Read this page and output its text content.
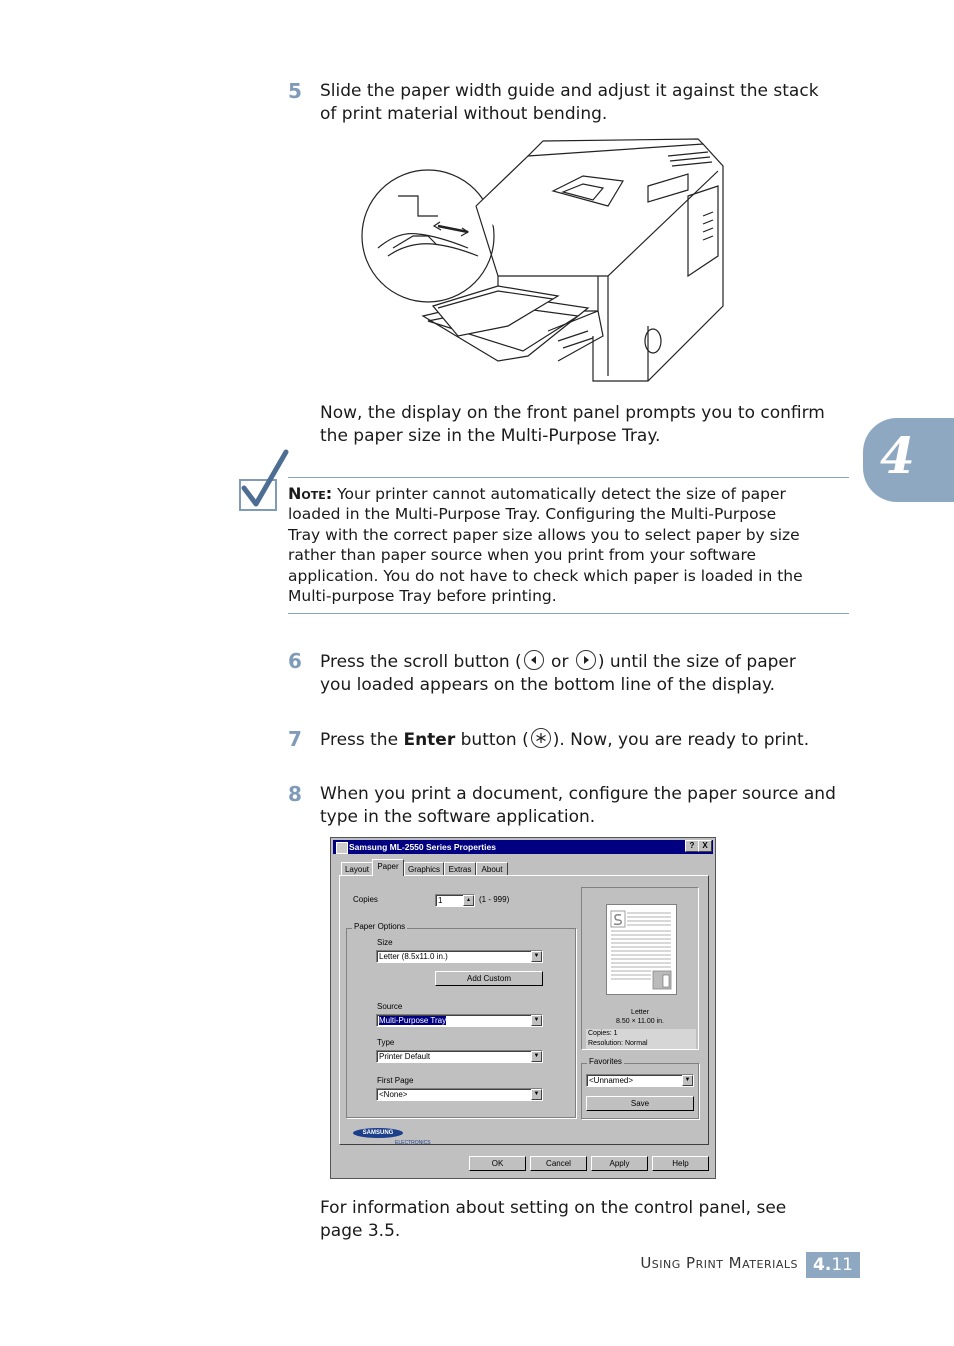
5 Slide the paper width guide and adjust it against the stack
of print material without bending.
Now, the display on the front panel prompts you to confirm
the paper size in the Multi-Purpose Tray.
Note: Your printer cannot automatically detect the size of paper
loaded in the Multi-Purpose Tray. Configuring the Multi-Purpose
Tray with the correct paper size allows you to select paper by size
rather than paper source when you print from your software
application. You do not have to check which paper is loaded in the
Multi-purpose Tray before printing.
4
6 Press the scroll button (
or
) until the size of paper
you loaded appears on the bottom line of the display.
7 Press the Enter button ( ). Now, you are ready to print.
8 When you print a document, configure the paper source and
type in the software application.
Samsung ML-2550 Series Properties	? X
Layout	Paper	Graphics	Extras	About
Copies	1	▴	(1 - 999)
Paper Options
Size
Letter (8.5x11.0 in.)	▼
Add Custom
Source
Multi-Purpose Tray	▼
Type
Printer Default	▼
First Page
<None>	▼
Letter
8.50 × 11.00 in.
Copies: 1
Resolution: Normal
Favorites
<Unnamed>	▼
Save
SAMSUNG
ELECTRONICS
OK	Cancel	Apply	Help
For information about setting on the control panel, see
page 3.5.
Using Print Materials 4.11
